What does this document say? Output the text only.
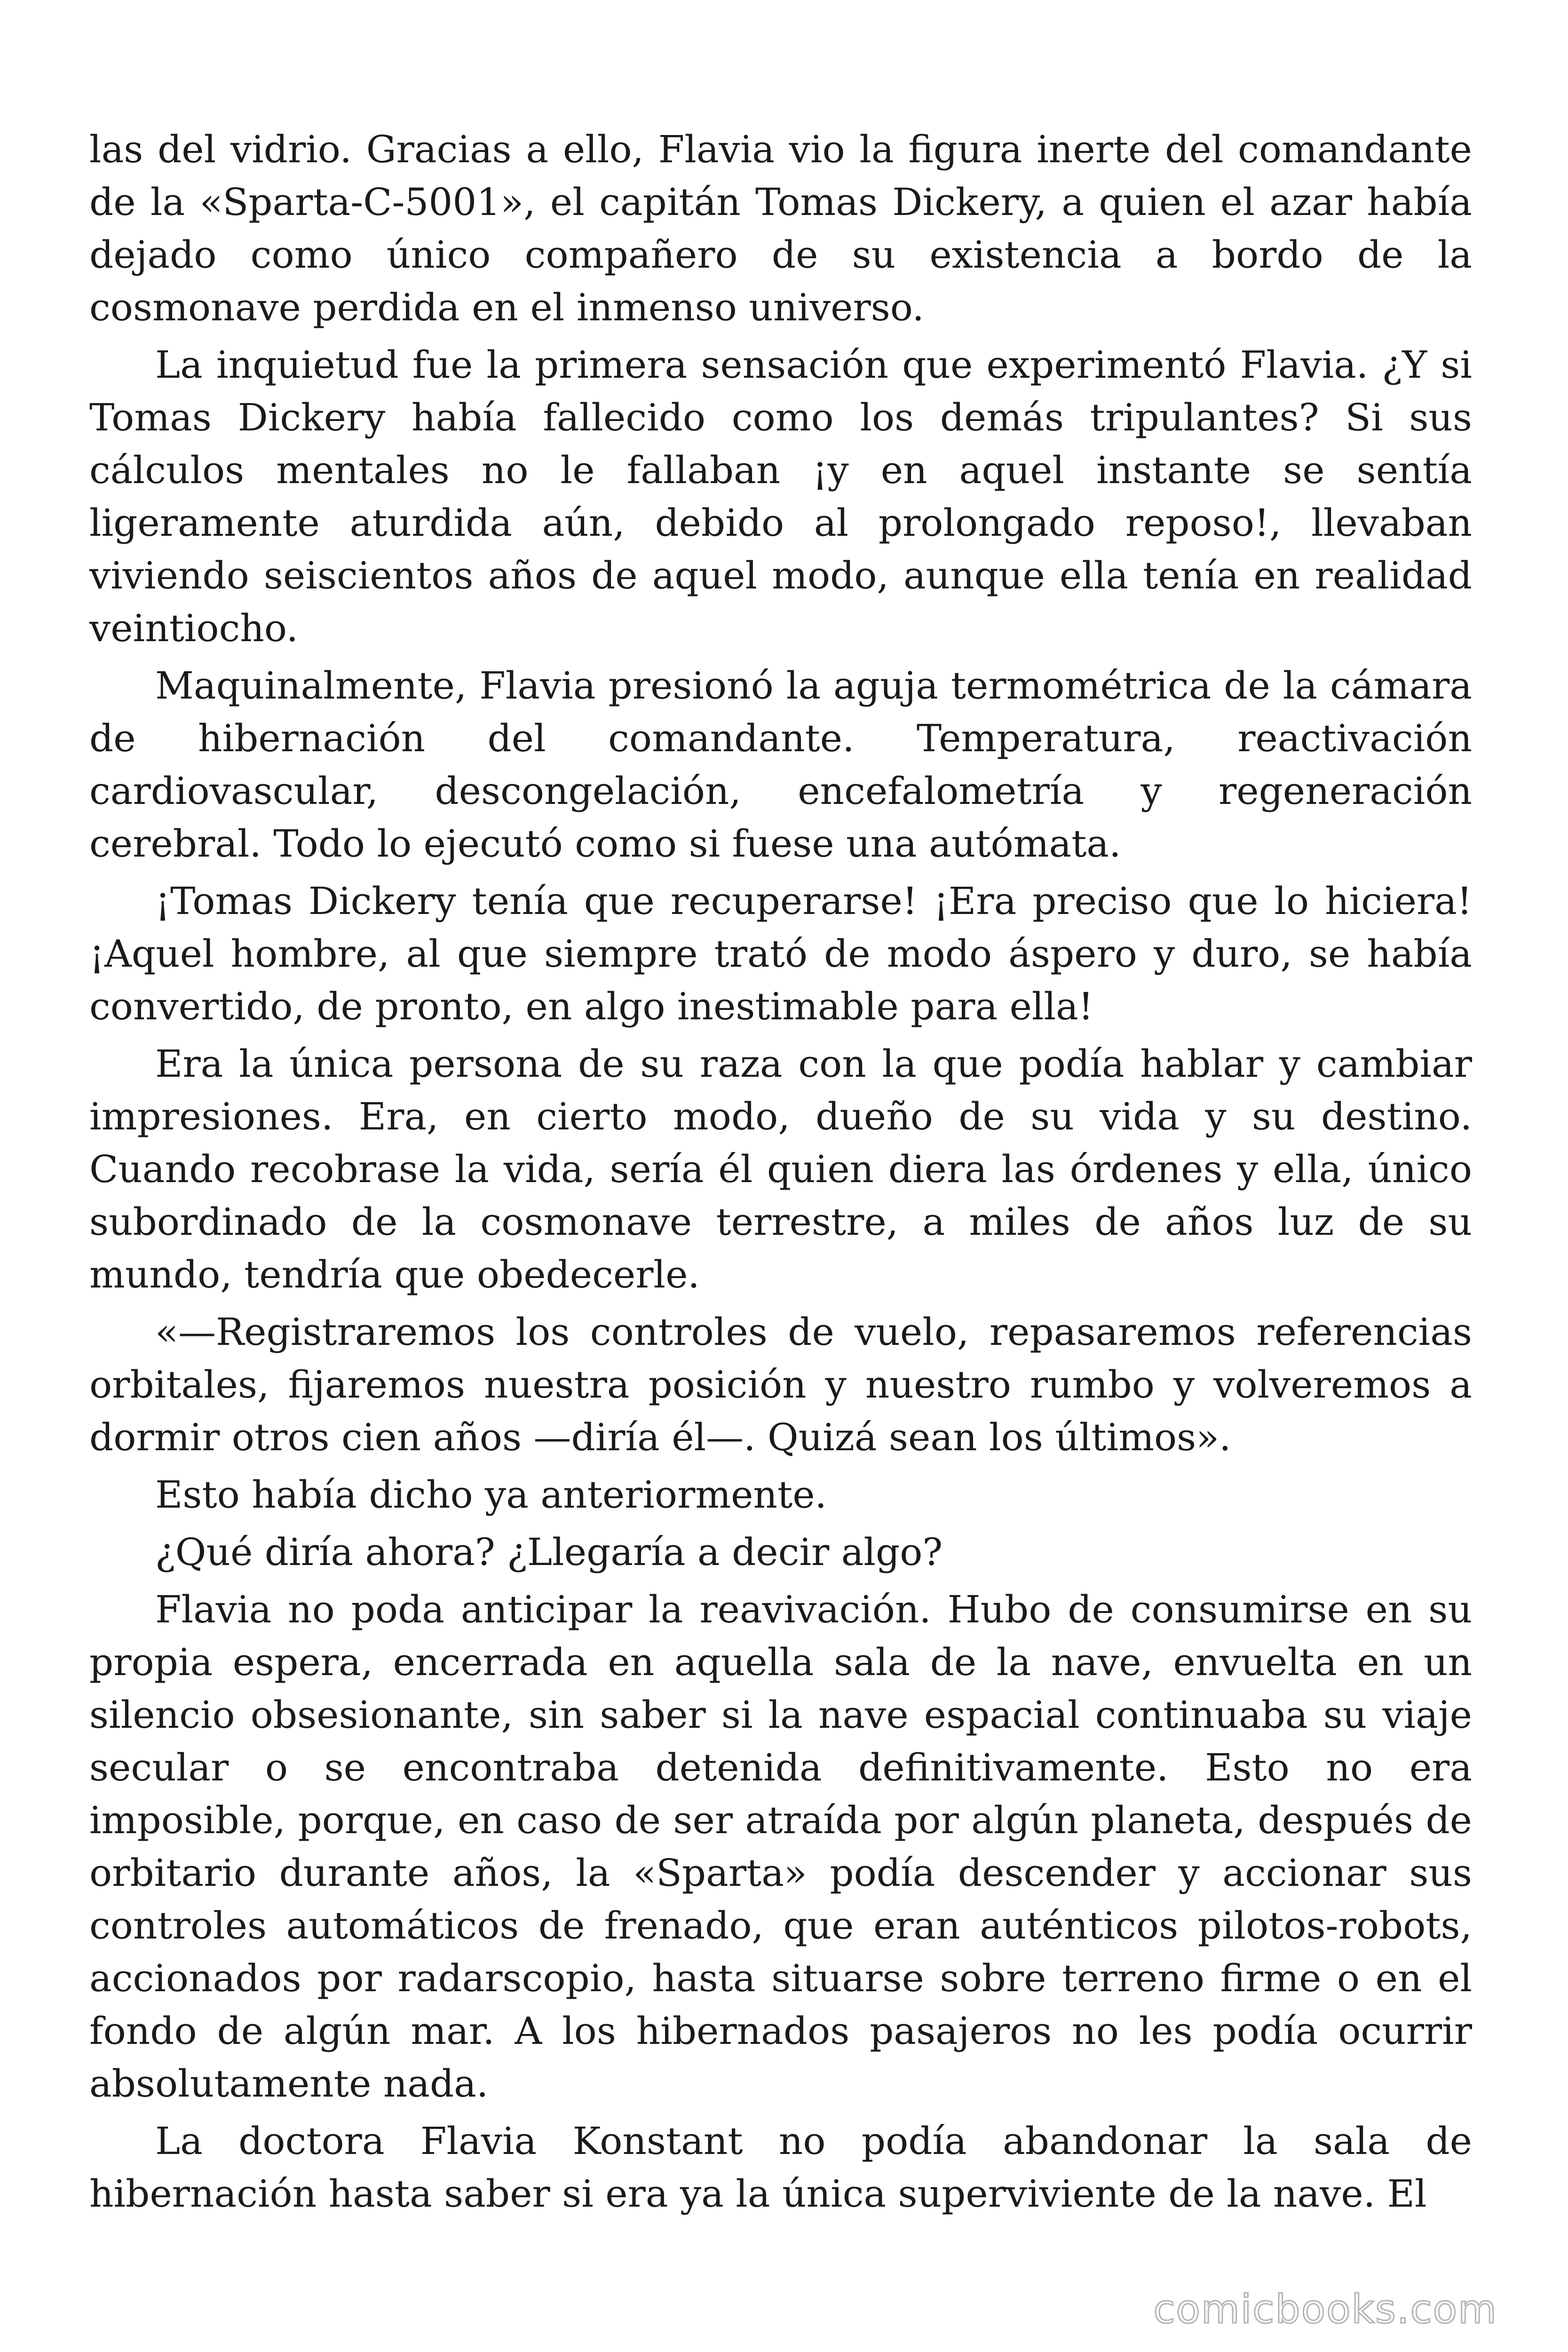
las del vidrio. Gracias a ello, Flavia vio la figura inerte del comandante de la «Sparta-C-5001», el capitán Tomas Dickery, a quien el azar había dejado como único compañero de su existencia a bordo de la cosmonave perdida en el inmenso universo.

La inquietud fue la primera sensación que experimentó Flavia. ¿Y si Tomas Dickery había fallecido como los demás tripulantes? Si sus cálculos mentales no le fallaban ¡y en aquel instante se sentía ligeramente aturdida aún, debido al prolongado reposo!, llevaban viviendo seiscientos años de aquel modo, aunque ella tenía en realidad veintiocho.

Maquinalmente, Flavia presionó la aguja termométrica de la cámara de hibernación del comandante. Temperatura, reactivación cardiovascular, descongelación, encefalometría y regeneración cerebral. Todo lo ejecutó como si fuese una autómata.

¡Tomas Dickery tenía que recuperarse! ¡Era preciso que lo hiciera! ¡Aquel hombre, al que siempre trató de modo áspero y duro, se había convertido, de pronto, en algo inestimable para ella!

Era la única persona de su raza con la que podía hablar y cambiar impresiones. Era, en cierto modo, dueño de su vida y su destino. Cuando recobrase la vida, sería él quien diera las órdenes y ella, único subordinado de la cosmonave terrestre, a miles de años luz de su mundo, tendría que obedecerle.

«—Registraremos los controles de vuelo, repasaremos referencias orbitales, fijaremos nuestra posición y nuestro rumbo y volveremos a dormir otros cien años —diría él—. Quizá sean los últimos».

Esto había dicho ya anteriormente.

¿Qué diría ahora? ¿Llegaría a decir algo?

Flavia no poda anticipar la reavivación. Hubo de consumirse en su propia espera, encerrada en aquella sala de la nave, envuelta en un silencio obsesionante, sin saber si la nave espacial continuaba su viaje secular o se encontraba detenida definitivamente. Esto no era imposible, porque, en caso de ser atraída por algún planeta, después de orbitario durante años, la «Sparta» podía descender y accionar sus controles automáticos de frenado, que eran auténticos pilotos-robots, accionados por radarscopio, hasta situarse sobre terreno firme o en el fondo de algún mar. A los hibernados pasajeros no les podía ocurrir absolutamente nada.

La doctora Flavia Konstant no podía abandonar la sala de hibernación hasta saber si era ya la única superviviente de la nave. El

comicbooks.com
